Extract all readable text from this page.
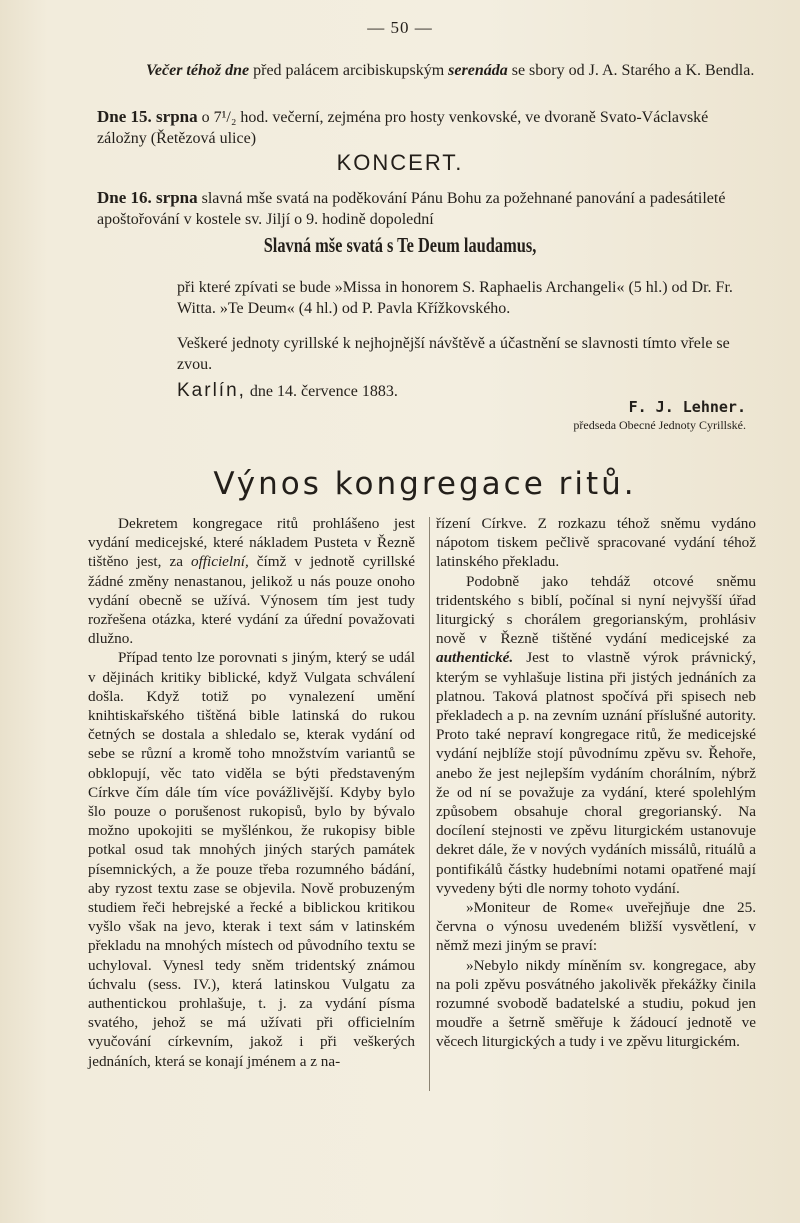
— 50 —
Večer téhož dne před palácem arcibiskupským serenáda se sbory od J. A. Starého a K. Bendla.
Dne 15. srpna o 7¹/₂ hod. večerní, zejména pro hosty venkovské, ve dvoraně Svato-Václavské záložny (Řetězová ulice)
KONCERT.
Dne 16. srpna slavná mše svatá na poděkování Pánu Bohu za požehnané panování a padesátileté apoštořování v kostele sv. Jiljí o 9. hodině dopolední
Slavná mše svatá s Te Deum laudamus,
při které zpívati se bude »Missa in honorem S. Raphaelis Archangeli« (5 hl.) od Dr. Fr. Witta. »Te Deum« (4 hl.) od P. Pavla Křížkovského.
Veškeré jednoty cyrillské k nejhojnější návštěvě a účastnění se slavnosti tímto vřele se zvou.
Karlín, dne 14. července 1883.
F. J. Lehner.
předseda Obecné Jednoty Cyrillské.
Výnos kongregace ritů.

Dekretem kongregace ritů prohlášeno jest vydání medicejské, které nákladem Pusteta v Řezně tištěno jest, za officielní, čímž v jednotě cyrillské žádné změny nenastanou, jelikož u nás pouze onoho vydání obecně se užívá. Výnosem tím jest tudy rozřešena otázka, které vydání za úřední považovati dlužno.

Případ tento lze porovnati s jiným, který se udál v dějinách kritiky biblické, když Vulgata schválení došla. Když totiž po vynalezení umění knihtiskařského tištěná bible latinská do rukou četných se dostala a shledalo se, kterak vydání od sebe se různí a kromě toho množstvím variantů se obklopují, věc tato viděla se býti představeným Církve čím dále tím více povážlivější. Kdyby bylo šlo pouze o porušenost rukopisů, bylo by bývalo možno upokojiti se myšlénkou, že rukopisy bible potkal osud tak mnohých jiných starých památek písemnických, a že pouze třeba rozumného bádání, aby ryzost textu zase se objevila. Nově probuzeným studiem řeči hebrejské a řecké a biblickou kritikou vyšlo však na jevo, kterak i text sám v latinském překladu na mnohých místech od původního textu se uchyloval. Vynesl tedy sněm tridentský známou úchvalu (sess. IV.), která latinskou Vulgatu za authentickou prohlašuje, t. j. za vydání písma svatého, jehož se má užívati při officielním vyučování církevním, jakož i při veškerých jednáních, která se konají jménem a z na-

řízení Církve. Z rozkazu téhož sněmu vydáno nápotom tiskem pečlivě spracované vydání téhož latinského překladu.

Podobně jako tehdáž otcové sněmu tridentského s biblí, počínal si nyní nejvyšší úřad liturgický s chorálem gregorianským, prohlásiv nově v Řezně tištěné vydání medicejské za authentické. Jest to vlastně výrok právnický, kterým se vyhlašuje listina při jistých jednáních za platnou. Taková platnost spočívá při spisech neb překladech a p. na zevním uznání příslušné autority. Proto také nepraví kongregace ritů, že medicejské vydání nejblíže stojí původnímu zpěvu sv. Řehoře, anebo že jest nejlepším vydáním chorálním, nýbrž že od ní se považuje za vydání, které spolehlým způsobem obsahuje choral gregorianský. Na docílení stejnosti ve zpěvu liturgickém ustanovuje dekret dále, že v nových vydáních missálů, rituálů a pontifikálů částky hudebními notami opatřené mají vyvedeny býti dle normy tohoto vydání.

»Moniteur de Rome« uveřejňuje dne 25. června o výnosu uvedeném bližší vysvětlení, v němž mezi jiným se praví:

»Nebylo nikdy míněním sv. kongregace, aby na poli zpěvu posvátného jakolivěk překážky činila rozumné svobodě badatelské a studiu, pokud jen moudře a šetrně směřuje k žádoucí jednotě ve věcech liturgických a tudy i ve zpěvu liturgickém.
